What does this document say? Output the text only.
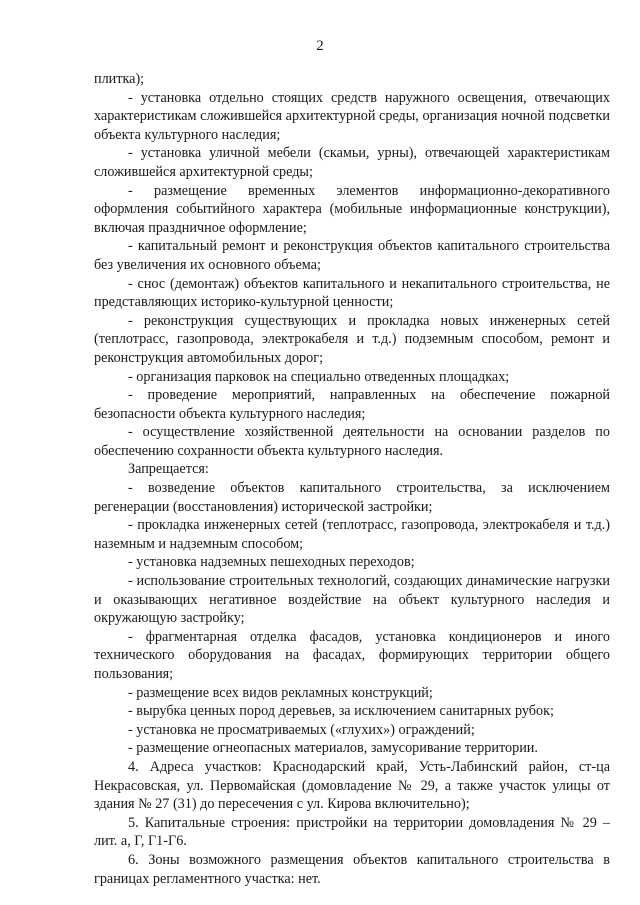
2

плитка);

- установка отдельно стоящих средств наружного освещения, отвечающих характеристикам сложившейся архитектурной среды, организация ночной подсветки объекта культурного наследия;

- установка уличной мебели (скамьи, урны), отвечающей характеристикам сложившейся архитектурной среды;

- размещение временных элементов информационно-декоративного оформления событийного характера (мобильные информационные конструкции), включая праздничное оформление;

- капитальный ремонт и реконструкция объектов капитального строительства без увеличения их основного объема;

- снос (демонтаж) объектов капитального и некапитального строительства, не представляющих историко-культурной ценности;

- реконструкция существующих и прокладка новых инженерных сетей (теплотрасс, газопровода, электрокабеля и т.д.) подземным способом, ремонт и реконструкция автомобильных дорог;

- организация парковок на специально отведенных площадках;

- проведение мероприятий, направленных на обеспечение пожарной безопасности объекта культурного наследия;

- осуществление хозяйственной деятельности на основании разделов по обеспечению сохранности объекта культурного наследия.

Запрещается:

- возведение объектов капитального строительства, за исключением регенерации (восстановления) исторической застройки;

- прокладка инженерных сетей (теплотрасс, газопровода, электрокабеля и т.д.) наземным и надземным способом;

- установка надземных пешеходных переходов;

- использование строительных технологий, создающих динамические нагрузки и оказывающих негативное воздействие на объект культурного наследия и окружающую застройку;

- фрагментарная отделка фасадов, установка кондиционеров и иного технического оборудования на фасадах, формирующих территории общего пользования;

- размещение всех видов рекламных конструкций;

- вырубка ценных пород деревьев, за исключением санитарных рубок;

- установка не просматриваемых («глухих») ограждений;

- размещение огнеопасных материалов, замусоривание территории.

4. Адреса участков: Краснодарский край, Усть-Лабинский район, ст-ца Некрасовская, ул. Первомайская (домовладение № 29, а также участок улицы от здания № 27 (31) до пересечения с ул. Кирова включительно);

5. Капитальные строения: пристройки на территории домовладения № 29 – лит. а, Г, Г1-Г6.

6. Зоны возможного размещения объектов капитального строительства в границах регламентного участка: нет.
